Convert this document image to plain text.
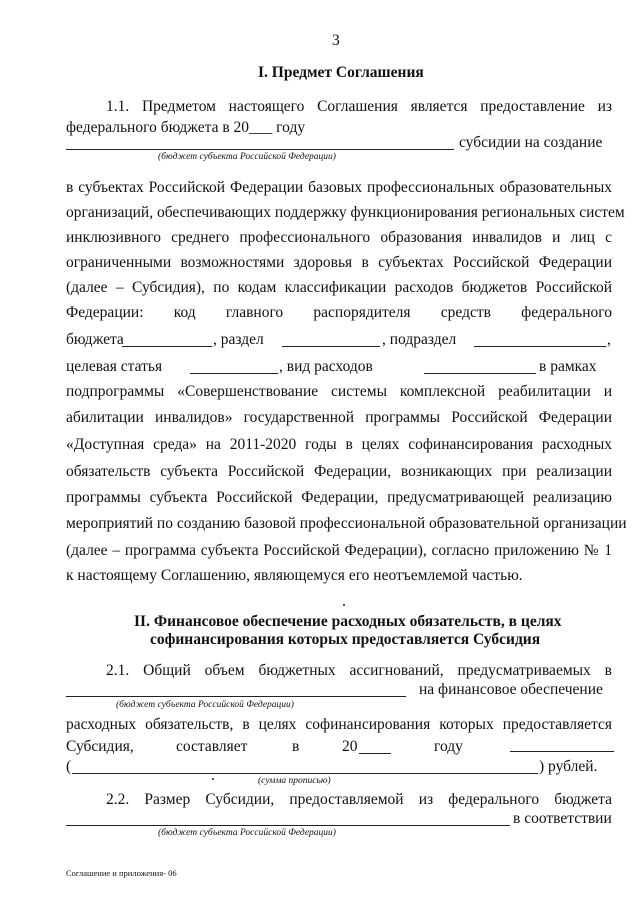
3
I. Предмет Соглашения
1.1. Предметом настоящего Соглашения является предоставление из
федерального бюджета в 20___ году
субсидии на создание
(бюджет субъекта Российской Федерации)
в субъектах Российской Федерации базовых профессиональных образовательных
организаций, обеспечивающих поддержку функционирования региональных систем
инклюзивного среднего профессионального образования инвалидов и лиц с
ограниченными возможностями здоровья в субъектах Российской Федерации
(далее – Субсидия), по кодам классификации расходов бюджетов Российской
Федерации: код главного распорядителя средств федерального
бюджета	, раздел	, подраздел	,
целевая статья	, вид расходов	в рамках
подпрограммы «Совершенствование системы комплексной реабилитации и
абилитации инвалидов» государственной программы Российской Федерации
«Доступная среда» на 2011-2020 годы в целях софинансирования расходных
обязательств субъекта Российской Федерации, возникающих при реализации
программы субъекта Российской Федерации, предусматривающей реализацию
мероприятий по созданию базовой профессиональной образовательной организации
(далее – программа субъекта Российской Федерации), согласно приложению № 1
к настоящему Соглашению, являющемуся его неотъемлемой частью.
II. Финансовое обеспечение расходных обязательств, в целях
софинансирования которых предоставляется Субсидия
2.1. Общий объем бюджетных ассигнований, предусматриваемых в
на финансовое обеспечение
(бюджет субъекта Российской Федерации)
расходных обязательств, в целях софинансирования которых предоставляется
Субсидия,	составляет	в	20	году
(	) рублей.
(сумма прописью)
2.2. Размер Субсидии, предоставляемой из федерального бюджета
в соответствии
(бюджет субъекта Российской Федерации)
Соглашение и приложения- 06
